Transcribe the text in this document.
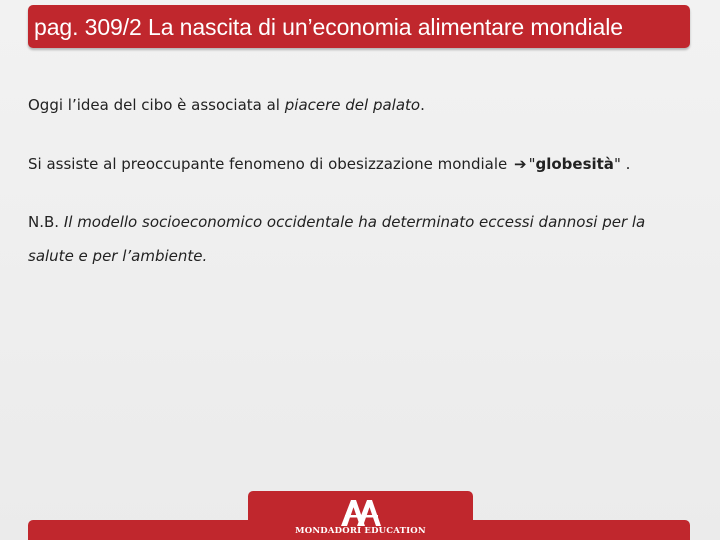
pag. 309/2 La nascita di un’economia alimentare mondiale
Oggi l’idea del cibo è associata al piacere del palato.
Si assiste al preoccupante fenomeno di obesizzazione mondiale ➔ "globesità" .
N.B. Il modello socioeconomico occidentale ha determinato eccessi dannosi per la
salute e per l’ambiente.
MONDADORI EDUCATION
